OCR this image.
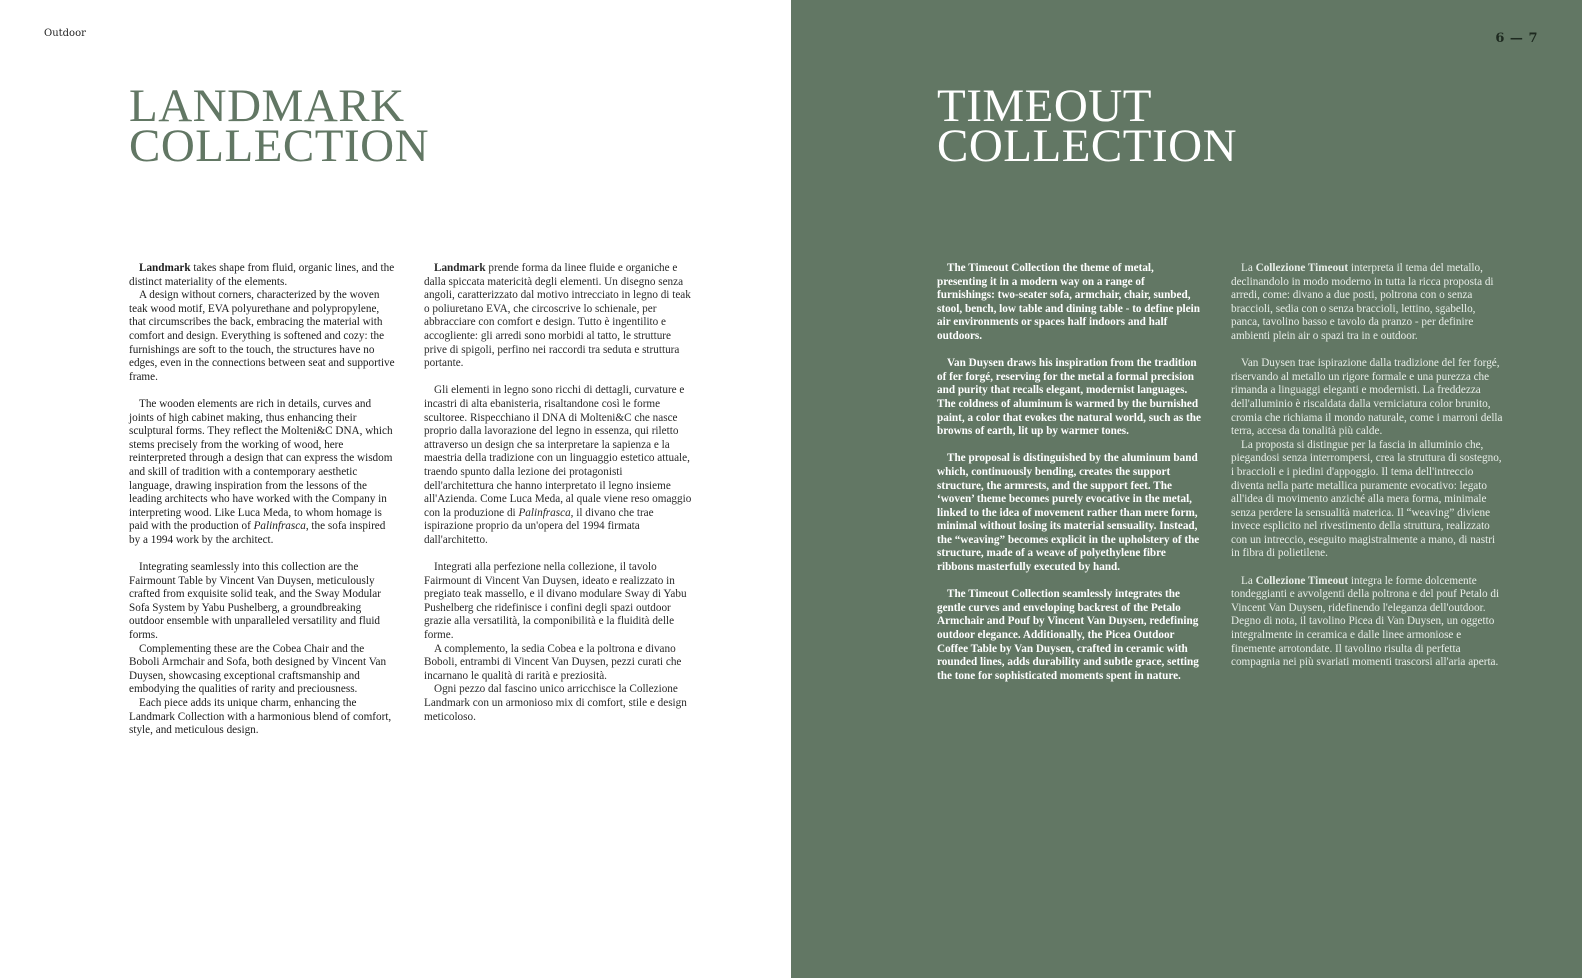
Outdoor
LANDMARK
COLLECTION

Landmark takes shape from fluid, organic lines, and the distinct materiality of the elements.

A design without corners, characterized by the woven teak wood motif, EVA polyurethane and polypropylene, that circumscribes the back, embracing the material with comfort and design. Everything is softened and cozy: the furnishings are soft to the touch, the structures have no edges, even in the connections between seat and supportive frame.

The wooden elements are rich in details, curves and joints of high cabinet making, thus enhancing their sculptural forms. They reflect the Molteni&C DNA, which stems precisely from the working of wood, here reinterpreted through a design that can express the wisdom and skill of tradition with a contemporary aesthetic language, drawing inspiration from the lessons of the leading architects who have worked with the Company in interpreting wood. Like Luca Meda, to whom homage is paid with the production of Palinfrasca, the sofa inspired by a 1994 work by the architect.

Integrating seamlessly into this collection are the Fairmount Table by Vincent Van Duysen, meticulously crafted from exquisite solid teak, and the Sway Modular Sofa System by Yabu Pushelberg, a groundbreaking outdoor ensemble with unparalleled versatility and fluid forms.

Complementing these are the Cobea Chair and the Boboli Armchair and Sofa, both designed by Vincent Van Duysen, showcasing exceptional craftsmanship and embodying the qualities of rarity and preciousness.

Each piece adds its unique charm, enhancing the Landmark Collection with a harmonious blend of comfort, style, and meticulous design.

Landmark prende forma da linee fluide e organiche e dalla spiccata matericità degli elementi. Un disegno senza angoli, caratterizzato dal motivo intrecciato in legno di teak o poliuretano EVA, che circoscrive lo schienale, per abbracciare con comfort e design. Tutto è ingentilito e accogliente: gli arredi sono morbidi al tatto, le strutture prive di spigoli, perfino nei raccordi tra seduta e struttura portante.

Gli elementi in legno sono ricchi di dettagli, curvature e incastri di alta ebanisteria, risaltandone così le forme scultoree. Rispecchiano il DNA di Molteni&C che nasce proprio dalla lavorazione del legno in essenza, qui riletto attraverso un design che sa interpretare la sapienza e la maestria della tradizione con un linguaggio estetico attuale, traendo spunto dalla lezione dei protagonisti dell'architettura che hanno interpretato il legno insieme all'Azienda. Come Luca Meda, al quale viene reso omaggio con la produzione di Palinfrasca, il divano che trae ispirazione proprio da un'opera del 1994 firmata dall'architetto.

Integrati alla perfezione nella collezione, il tavolo Fairmount di Vincent Van Duysen, ideato e realizzato in pregiato teak massello, e il divano modulare Sway di Yabu Pushelberg che ridefinisce i confini degli spazi outdoor grazie alla versatilità, la componibilità e la fluidità delle forme.

A complemento, la sedia Cobea e la poltrona e divano Boboli, entrambi di Vincent Van Duysen, pezzi curati che incarnano le qualità di rarità e preziosità.

Ogni pezzo dal fascino unico arricchisce la Collezione Landmark con un armonioso mix di comfort, stile e design meticoloso.

6 — 7
TIMEOUT
COLLECTION

The Timeout Collection the theme of metal, presenting it in a modern way on a range of furnishings: two-seater sofa, armchair, chair, sunbed, stool, bench, low table and dining table - to define plein air environments or spaces half indoors and half outdoors.

Van Duysen draws his inspiration from the tradition of fer forgé, reserving for the metal a formal precision and purity that recalls elegant, modernist languages. The coldness of aluminum is warmed by the burnished paint, a color that evokes the natural world, such as the browns of earth, lit up by warmer tones.

The proposal is distinguished by the aluminum band which, continuously bending, creates the support structure, the armrests, and the support feet. The ‘woven’ theme becomes purely evocative in the metal, linked to the idea of movement rather than mere form, minimal without losing its material sensuality. Instead, the “weaving” becomes explicit in the upholstery of the structure, made of a weave of polyethylene fibre ribbons masterfully executed by hand.

The Timeout Collection seamlessly integrates the gentle curves and enveloping backrest of the Petalo Armchair and Pouf by Vincent Van Duysen, redefining outdoor elegance. Additionally, the Picea Outdoor Coffee Table by Van Duysen, crafted in ceramic with rounded lines, adds durability and subtle grace, setting the tone for sophisticated moments spent in nature.

La Collezione Timeout interpreta il tema del metallo, declinandolo in modo moderno in tutta la ricca proposta di arredi, come: divano a due posti, poltrona con o senza braccioli, sedia con o senza braccioli, lettino, sgabello, panca, tavolino basso e tavolo da pranzo - per definire ambienti plein air o spazi tra in e outdoor.

Van Duysen trae ispirazione dalla tradizione del fer forgé, riservando al metallo un rigore formale e una purezza che rimanda a linguaggi eleganti e modernisti. La freddezza dell'alluminio è riscaldata dalla verniciatura color brunito, cromia che richiama il mondo naturale, come i marroni della terra, accesa da tonalità più calde.

La proposta si distingue per la fascia in alluminio che, piegandosi senza interrompersi, crea la struttura di sostegno, i braccioli e i piedini d'appoggio. Il tema dell'intreccio diventa nella parte metallica puramente evocativo: legato all'idea di movimento anziché alla mera forma, minimale senza perdere la sensualità materica. Il “weaving” diviene invece esplicito nel rivestimento della struttura, realizzato con un intreccio, eseguito magistralmente a mano, di nastri in fibra di polietilene.

La Collezione Timeout integra le forme dolcemente tondeggianti e avvolgenti della poltrona e del pouf Petalo di Vincent Van Duysen, ridefinendo l'eleganza dell'outdoor. Degno di nota, il tavolino Picea di Van Duysen, un oggetto integralmente in ceramica e dalle linee armoniose e finemente arrotondate. Il tavolino risulta di perfetta compagnia nei più svariati momenti trascorsi all'aria aperta.
